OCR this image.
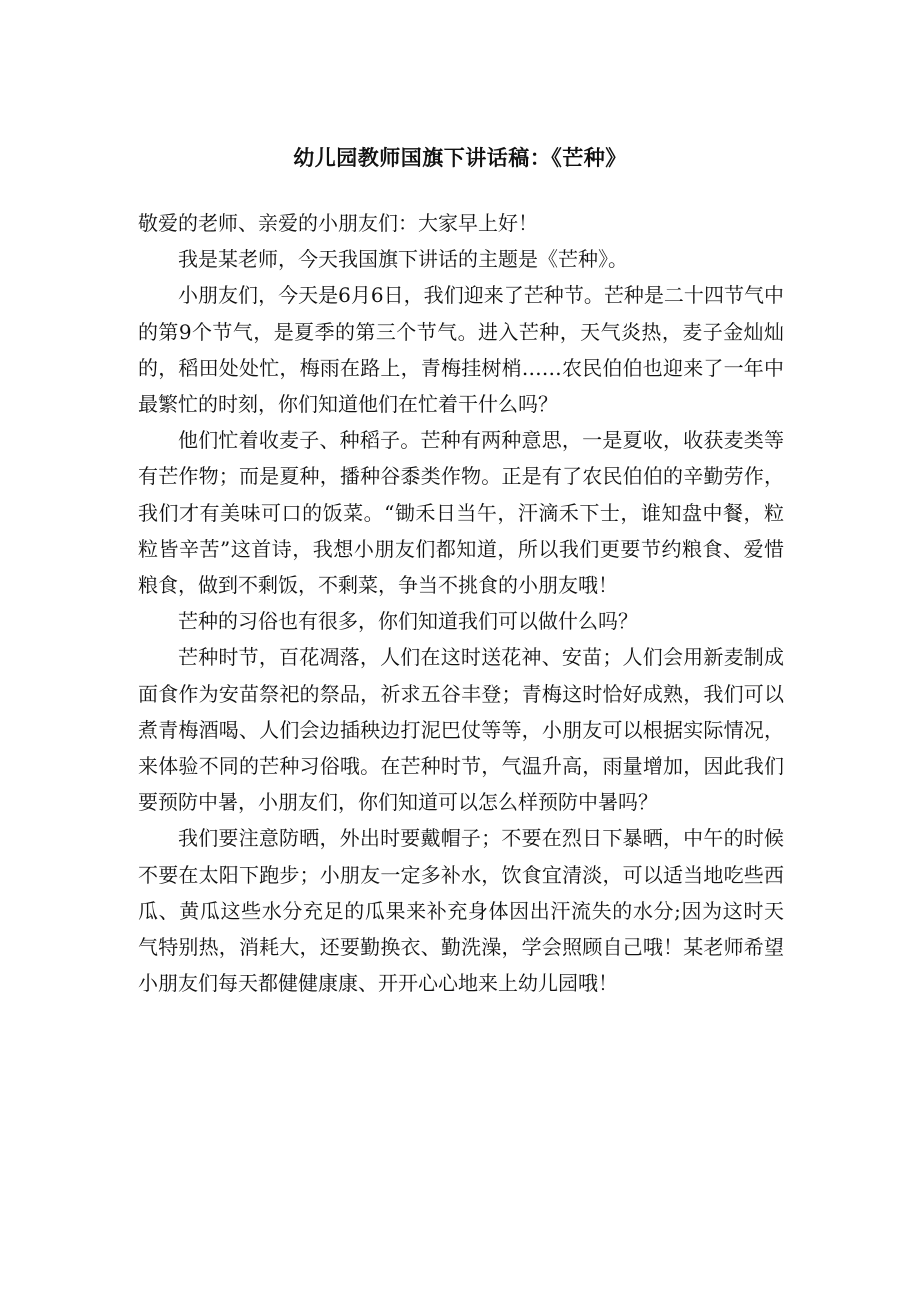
幼儿园教师国旗下讲话稿：《芒种》

敬爱的老师、亲爱的小朋友们：大家早上好！

我是某老师，今天我国旗下讲话的主题是《芒种》。

小朋友们，今天是6月6日，我们迎来了芒种节。芒种是二十四节气中的第9个节气，是夏季的第三个节气。进入芒种，天气炎热，麦子金灿灿的，稻田处处忙，梅雨在路上，青梅挂树梢……农民伯伯也迎来了一年中最繁忙的时刻，你们知道他们在忙着干什么吗？

他们忙着收麦子、种稻子。芒种有两种意思，一是夏收，收获麦类等有芒作物；而是夏种，播种谷黍类作物。正是有了农民伯伯的辛勤劳作，我们才有美味可口的饭菜。“锄禾日当午，汗滴禾下士，谁知盘中餐，粒粒皆辛苦”这首诗，我想小朋友们都知道，所以我们更要节约粮食、爱惜粮食，做到不剩饭，不剩菜，争当不挑食的小朋友哦！

芒种的习俗也有很多，你们知道我们可以做什么吗？

芒种时节，百花凋落，人们在这时送花神、安苗；人们会用新麦制成面食作为安苗祭祀的祭品，祈求五谷丰登；青梅这时恰好成熟，我们可以煮青梅酒喝、人们会边插秧边打泥巴仗等等，小朋友可以根据实际情况，来体验不同的芒种习俗哦。在芒种时节，气温升高，雨量增加，因此我们要预防中暑，小朋友们，你们知道可以怎么样预防中暑吗？

我们要注意防晒，外出时要戴帽子；不要在烈日下暴晒，中午的时候不要在太阳下跑步；小朋友一定多补水，饮食宜清淡，可以适当地吃些西瓜、黄瓜这些水分充足的瓜果来补充身体因出汗流失的水分;因为这时天气特别热，消耗大，还要勤换衣、勤洗澡，学会照顾自己哦！某老师希望小朋友们每天都健健康康、开开心心地来上幼儿园哦！
